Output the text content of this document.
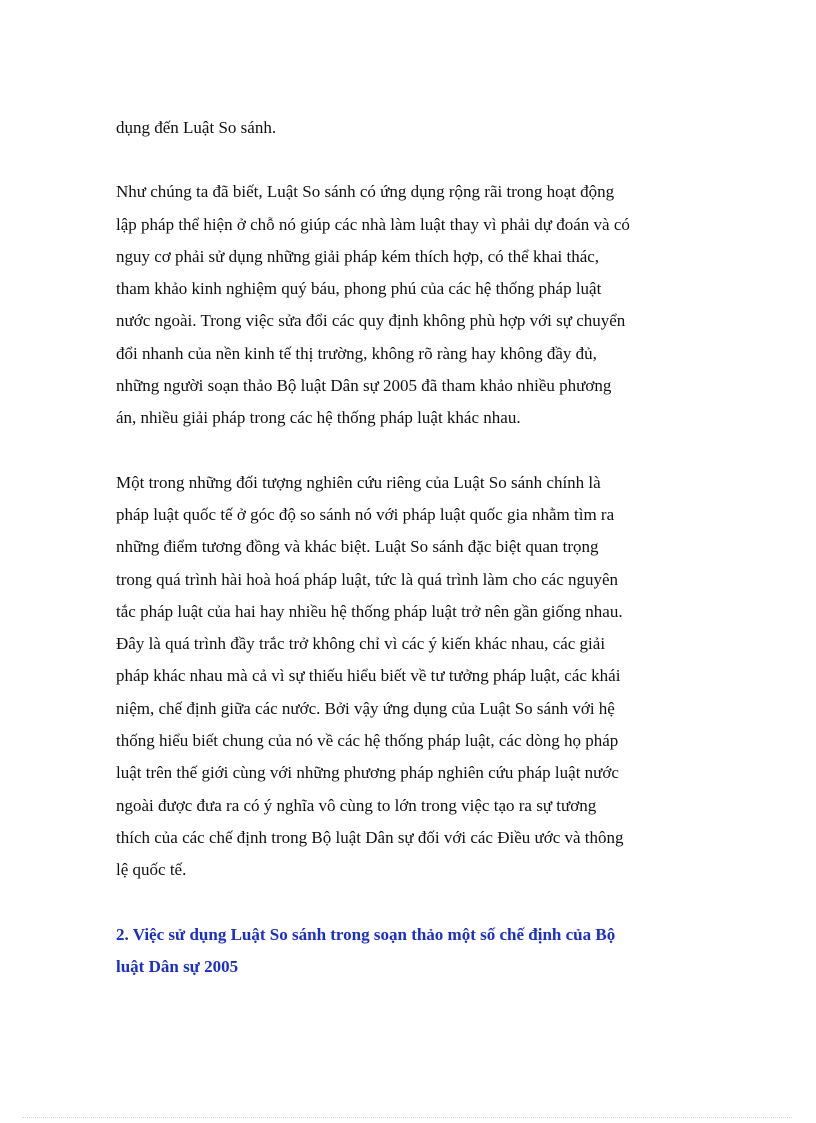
dụng đến Luật So sánh.

Như chúng ta đã biết, Luật So sánh có ứng dụng rộng rãi trong hoạt động
lập pháp thể hiện ở chỗ nó giúp các nhà làm luật thay vì phải dự đoán và có
nguy cơ phải sử dụng những giải pháp kém thích hợp, có thể khai thác,
tham khảo kinh nghiệm quý báu, phong phú của các hệ thống pháp luật
nước ngoài. Trong việc sửa đổi các quy định không phù hợp với sự chuyển
đổi nhanh của nền kinh tế thị trường, không rõ ràng hay không đầy đủ,
những người soạn thảo Bộ luật Dân sự 2005 đã tham khảo nhiều phương
án, nhiều giải pháp trong các hệ thống pháp luật khác nhau.

Một trong những đối tượng nghiên cứu riêng của Luật So sánh chính là
pháp luật quốc tế ở góc độ so sánh nó với pháp luật quốc gia nhằm tìm ra
những điểm tương đồng và khác biệt. Luật So sánh đặc biệt quan trọng
trong quá trình hài hoà hoá pháp luật, tức là quá trình làm cho các nguyên
tắc pháp luật của hai hay nhiều hệ thống pháp luật trở nên gần giống nhau.
Đây là quá trình đầy trắc trở không chỉ vì các ý kiến khác nhau, các giải
pháp khác nhau mà cả vì sự thiếu hiểu biết về tư tưởng pháp luật, các khái
niệm, chế định giữa các nước. Bởi vậy ứng dụng của Luật So sánh với hệ
thống hiểu biết chung của nó về các hệ thống pháp luật, các dòng họ pháp
luật trên thế giới cùng với những phương pháp nghiên cứu pháp luật nước
ngoài được đưa ra có ý nghĩa vô cùng to lớn trong việc tạo ra sự tương
thích của các chế định trong Bộ luật Dân sự đối với các Điều ước và thông
lệ quốc tế.

2. Việc sử dụng Luật So sánh trong soạn thảo một số chế định của Bộ
luật Dân sự 2005
